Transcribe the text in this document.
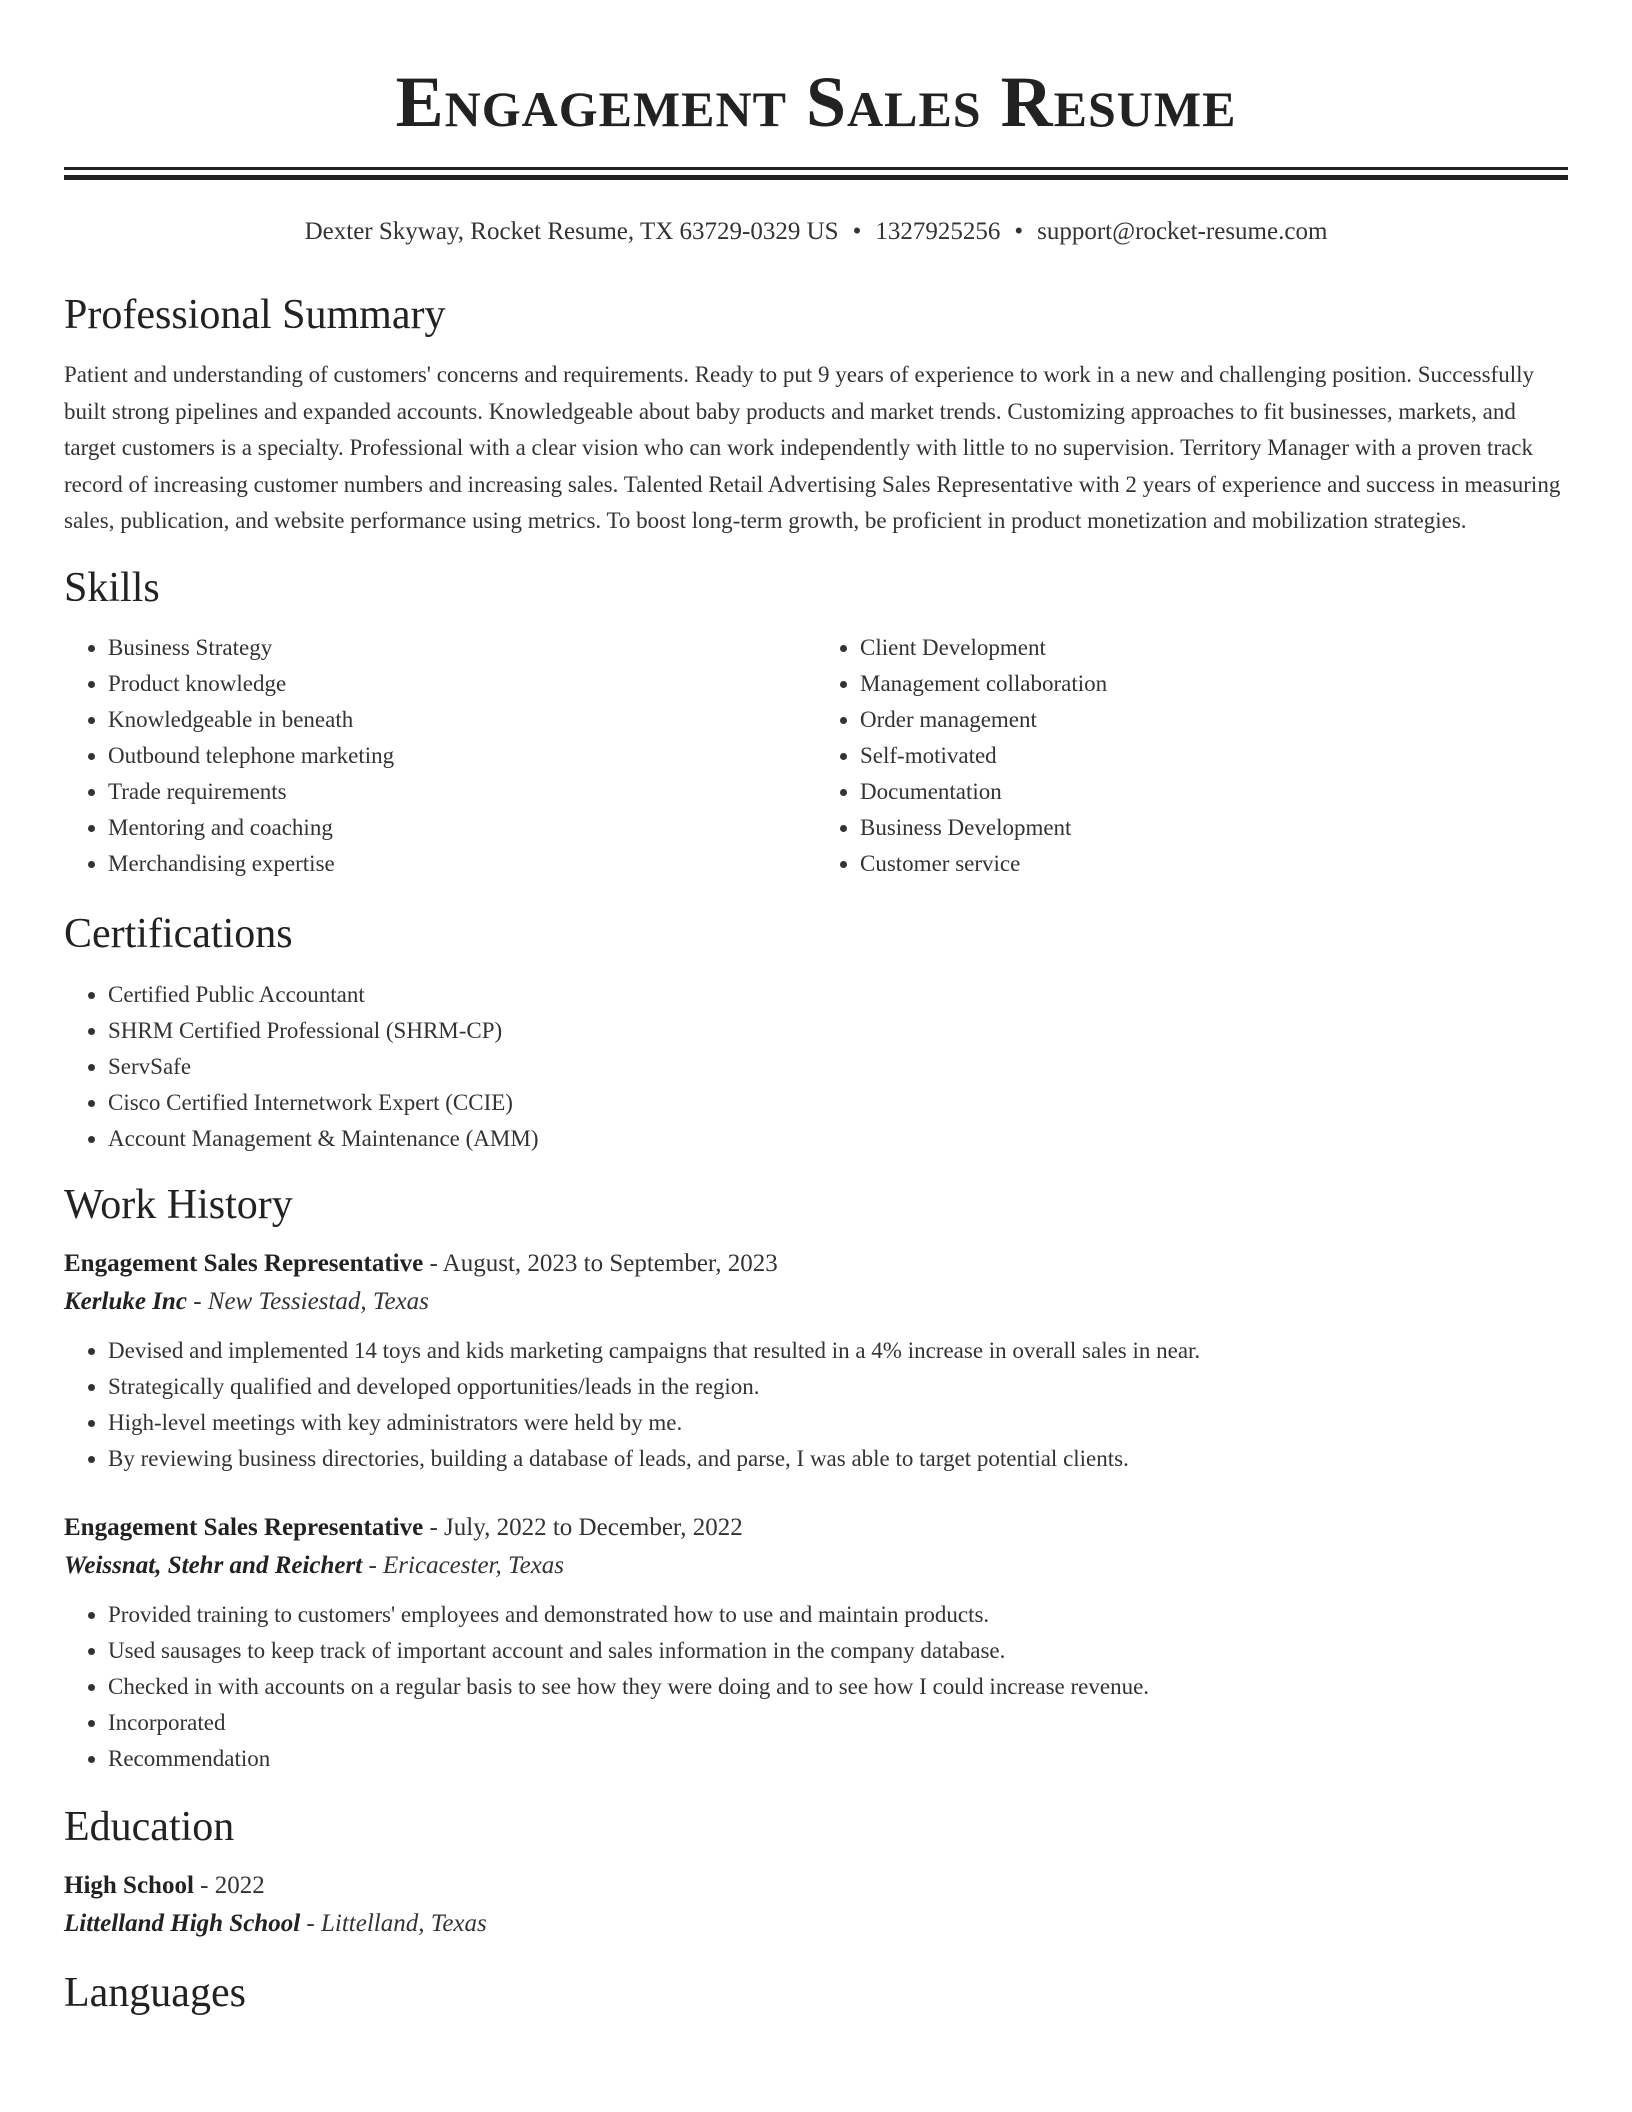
Engagement Sales Resume
Dexter Skyway, Rocket Resume, TX 63729-0329 US • 1327925256 • support@rocket-resume.com
Professional Summary
Patient and understanding of customers' concerns and requirements. Ready to put 9 years of experience to work in a new and challenging position. Successfully built strong pipelines and expanded accounts. Knowledgeable about baby products and market trends. Customizing approaches to fit businesses, markets, and target customers is a specialty. Professional with a clear vision who can work independently with little to no supervision. Territory Manager with a proven track record of increasing customer numbers and increasing sales. Talented Retail Advertising Sales Representative with 2 years of experience and success in measuring sales, publication, and website performance using metrics. To boost long-term growth, be proficient in product monetization and mobilization strategies.
Skills
• Business Strategy
• Product knowledge
• Knowledgeable in beneath
• Outbound telephone marketing
• Trade requirements
• Mentoring and coaching
• Merchandising expertise
• Client Development
• Management collaboration
• Order management
• Self-motivated
• Documentation
• Business Development
• Customer service
Certifications
• Certified Public Accountant
• SHRM Certified Professional (SHRM-CP)
• ServSafe
• Cisco Certified Internetwork Expert (CCIE)
• Account Management & Maintenance (AMM)
Work History
Engagement Sales Representative - August, 2023 to September, 2023
Kerluke Inc - New Tessiestad, Texas
• Devised and implemented 14 toys and kids marketing campaigns that resulted in a 4% increase in overall sales in near.
• Strategically qualified and developed opportunities/leads in the region.
• High-level meetings with key administrators were held by me.
• By reviewing business directories, building a database of leads, and parse, I was able to target potential clients.
Engagement Sales Representative - July, 2022 to December, 2022
Weissnat, Stehr and Reichert - Ericacester, Texas
• Provided training to customers' employees and demonstrated how to use and maintain products.
• Used sausages to keep track of important account and sales information in the company database.
• Checked in with accounts on a regular basis to see how they were doing and to see how I could increase revenue.
• Incorporated
• Recommendation
Education
High School - 2022
Littelland High School - Littelland, Texas
Languages
